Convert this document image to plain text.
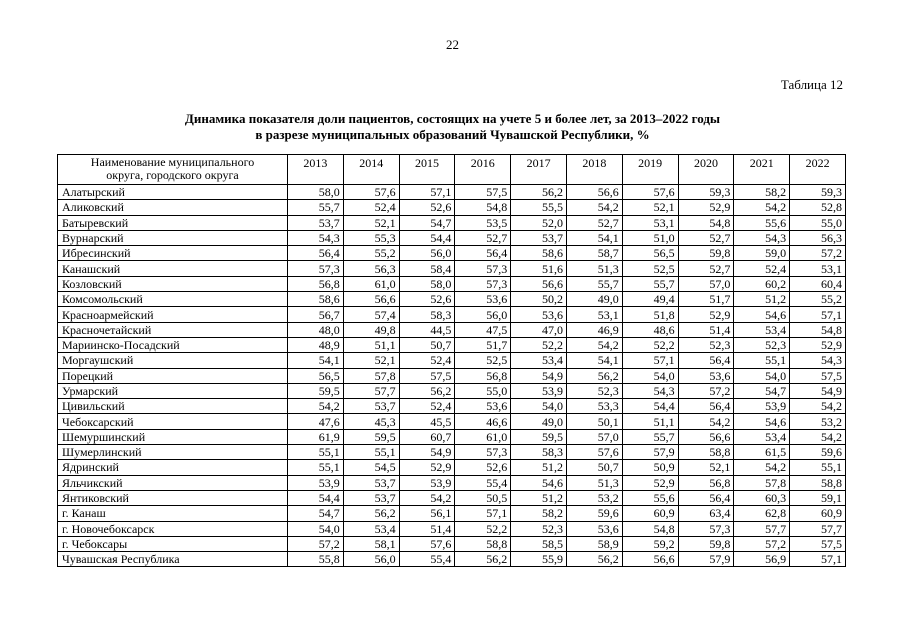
22
Таблица 12
Динамика показателя доли пациентов, состоящих на учете 5 и более лет, за 2013–2022 годы
в разрезе муниципальных образований Чувашской Республики, %
Наименование муниципального
округа, городского округа	2013	2014	2015	2016	2017	2018	2019	2020	2021	2022
Алатырский	58,0	57,6	57,1	57,5	56,2	56,6	57,6	59,3	58,2	59,3
Аликовский	55,7	52,4	52,6	54,8	55,5	54,2	52,1	52,9	54,2	52,8
Батыревский	53,7	52,1	54,7	53,5	52,0	52,7	53,1	54,8	55,6	55,0
Вурнарский	54,3	55,3	54,4	52,7	53,7	54,1	51,0	52,7	54,3	56,3
Ибресинский	56,4	55,2	56,0	56,4	58,6	58,7	56,5	59,8	59,0	57,2
Канашский	57,3	56,3	58,4	57,3	51,6	51,3	52,5	52,7	52,4	53,1
Козловский	56,8	61,0	58,0	57,3	56,6	55,7	55,7	57,0	60,2	60,4
Комсомольский	58,6	56,6	52,6	53,6	50,2	49,0	49,4	51,7	51,2	55,2
Красноармейский	56,7	57,4	58,3	56,0	53,6	53,1	51,8	52,9	54,6	57,1
Красночетайский	48,0	49,8	44,5	47,5	47,0	46,9	48,6	51,4	53,4	54,8
Мариинско-Посадский	48,9	51,1	50,7	51,7	52,2	54,2	52,2	52,3	52,3	52,9
Моргаушский	54,1	52,1	52,4	52,5	53,4	54,1	57,1	56,4	55,1	54,3
Порецкий	56,5	57,8	57,5	56,8	54,9	56,2	54,0	53,6	54,0	57,5
Урмарский	59,5	57,7	56,2	55,0	53,9	52,3	54,3	57,2	54,7	54,9
Цивильский	54,2	53,7	52,4	53,6	54,0	53,3	54,4	56,4	53,9	54,2
Чебоксарский	47,6	45,3	45,5	46,6	49,0	50,1	51,1	54,2	54,6	53,2
Шемуршинский	61,9	59,5	60,7	61,0	59,5	57,0	55,7	56,6	53,4	54,2
Шумерлинский	55,1	55,1	54,9	57,3	58,3	57,6	57,9	58,8	61,5	59,6
Ядринский	55,1	54,5	52,9	52,6	51,2	50,7	50,9	52,1	54,2	55,1
Яльчикский	53,9	53,7	53,9	55,4	54,6	51,3	52,9	56,8	57,8	58,8
Янтиковский	54,4	53,7	54,2	50,5	51,2	53,2	55,6	56,4	60,3	59,1
г. Канаш	54,7	56,2	56,1	57,1	58,2	59,6	60,9	63,4	62,8	60,9
г. Новочебоксарск	54,0	53,4	51,4	52,2	52,3	53,6	54,8	57,3	57,7	57,7
г. Чебоксары	57,2	58,1	57,6	58,8	58,5	58,9	59,2	59,8	57,2	57,5
Чувашская Республика	55,8	56,0	55,4	56,2	55,9	56,2	56,6	57,9	56,9	57,1
